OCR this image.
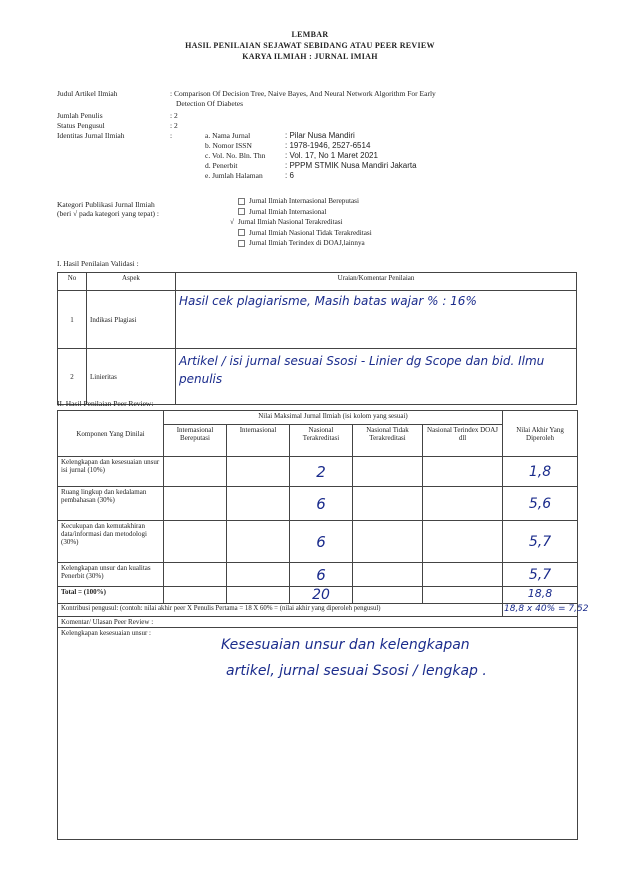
LEMBAR
HASIL PENILAIAN SEJAWAT SEBIDANG ATAU PEER REVIEW
KARYA ILMIAH : JURNAL IMIAH
Judul Artikel Ilmiah	: Comparison Of Decision Tree, Naive Bayes, And Neural Network Algorithm For Early
Detection Of Diabetes
Jumlah Penulis	: 2
Status Pengusul	: 2
Identitas Jurnal Ilmiah	:	a. Nama Jurnal	: Pilar Nusa Mandiri
b. Nomor ISSN	: 1978-1946, 2527-6514
c. Vol. No. Bln. Thn	: Vol. 17, No 1 Maret 2021
d. Penerbit	: PPPM STMIK Nusa Mandiri Jakarta
e. Jumlah Halaman	: 6
Kategori Publikasi Jurnal Ilmiah
(beri √ pada kategori yang tepat) :
Jurnal Ilmiah Internasional Bereputasi
Jurnal Ilmiah Internasional
√ Jurnal Ilmiah Nasional Terakreditasi
Jurnal Ilmiah Nasional Tidak Terakreditasi
Jurnal Ilmiah Terindex di DOAJ,lainnya
I. Hasil Penilaian Validasi :
No	Aspek	Uraian/Komentar Penilaian
1	Indikasi Plagiasi	Hasil cek plagiarisme, Masih batas wajar % : 16%

2	Linieritas	Artikel / isi jurnal sesuai Ssosi - Linier dg Scope dan bid. Ilmu penulis
II. Hasil Penilaian Peer Review:
Komponen Yang Dinilai	Nilai Maksimal Jurnal Ilmiah (isi kolom yang sesuai)					Nilai Akhir Yang Diperoleh
	Internasional Bereputasi	Internasional	Nasional Terakreditasi	Nasional Tidak Terakreditasi	Nasional Terindex DOAJ dll	
Kelengkapan dan kesesuaian unsur isi jurnal (10%)			2			1,8
Ruang lingkup dan kedalaman pembahasan (30%)			6			5,6
Kecukupan dan kemutakhiran data/informasi dan metodologi (30%)			6			5,7
Kelengkapan unsur dan kualitas Penerbit (30%)			6			5,7
Total = (100%)			20			18,8
Kontribusi pengusul: (contoh: nilai akhir peer X Penulis Pertama = 18 X 60% = (nilai akhir yang diperoleh pengusul)						18,8 x 40% = 7,52
Komentar/ Ulasan Peer Review :						

Kelengkapan kesesuaian unsur :
Kesesuaian unsur dan kelengkapan
artikel, jurnal sesuai Ssosi / lengkap .						
